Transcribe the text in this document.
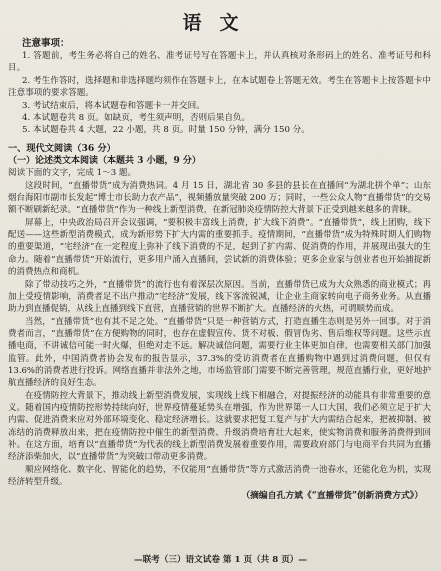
语文
注意事项：
1. 答题前，考生务必将自己的姓名、准考证号写在答题卡上，并认真核对条形码上的姓名、准考证号和科目。
2. 考生作答时，选择题和非选择题均须作在答题卡上，在本试题卷上答题无效。考生在答题卡上按答题卡中注意事项的要求答题。
3. 考试结束后，将本试题卷和答题卡一并交回。
4. 本试题卷共 8 页。如缺页，考生须声明，否则后果自负。
5. 本试题卷共 4 大题，22 小题，共 8 页。时量 150 分钟，满分 150 分。
一、现代文阅读（36 分）
（一）论述类文本阅读（本题共 3 小题，9 分）
阅读下面的文字，完成 1～3 题。

这段时间，“直播带货”成为消费热词。4 月 15 日，湖北省 30 多县的县长在直播间“为湖北拼个单”；山东烟台海阳市副市长发起“博士市长助力农产品”，视频播放量突破 200 万；同时，一些公众人物“直播带货”的交易额不断刷新纪录。“直播带货”作为一种线上新型消费，在新冠肺炎疫情防控大背景下正受到越来越多的青睐。

屏幕上，中央政治局召开会议强调，“要积极丰富线上消费，扩大线下消费”。“直播带货”，线上团购，线下配送——这些新型消费模式，成为新形势下扩大内需的重要抓手。疫情期间，“直播带货”成为特殊时期人们购物的重要渠道，“宅经济”在一定程度上弥补了线下消费的不足，起到了扩内需、促消费的作用，并展现出强大的生命力。随着“直播带货”开始流行，更多用户涌入直播间，尝试新的消费体验；更多企业家与创业者也开始捕捉新的消费热点和商机。

除了带动技巧之外，“直播带货”的流行也有着深层次原因。当前，直播带货已成为大众熟悉的商业模式；再加上受疫情影响，消费者足不出户推动“宅经济”发展，线下客流锐减，让企业主商家转向电子商务业务。从直播助力到直播促销，从线上直播到线下直营，直播营销的世界不断扩大。直播经济的火热，可谓顺势而成。

当然，“直播带货”也有其不足之处。“直播带货”只是一种营销方式，打造直播生态则是另外一回事。对于消费者而言，“直播带货”在方便购物的同时，也存在虚假宣传、货不对板、假冒伪劣、售后维权等问题。这些示直播电商，不讲诚信可能一时火爆，但绝对走不远。解决诚信问题，需要行业主体更加自律，也需要相关部门加强监管。此外，中国消费者协会发布的报告显示，37.3%的受访消费者在直播购物中遇到过消费问题，但仅有 13.6%的消费者进行投诉。网络直播并非法外之地，市场监管部门需要不断完善管理，规范直播行业，更好地护航直播经济的良好生态。

在疫情防控大背景下，推动线上新型消费发展，实现线上线下相融合，对提振经济的动能具有非常重要的意义。随着国内疫情防控形势持续向好，世界疫情蔓延势头在增强，作为世界第一人口大国，我们必须立足于扩大内需、促进消费来应对外部环境变化、稳定经济增长。这就要求把复工复产与扩大内需结合起来，把被抑制、被冻结的消费释放出来，把在疫情防控中催生的新型消费、升级消费培育壮大起来，使实物消费和服务消费得到回补。在这方面，培育以“直播带货”为代表的线上新型消费发展着重要作用，需要政府部门与电商平台共同为直播经济添柴加火，以“直播带货”为突破口带动更多消费。

顺应网络化、数字化、智能化的趋势，不仅能用“直播带货”等方式激活消费一池春水，还能化危为机，实现经济转型升级。

（摘编自孔方斌《“直播带货”创新消费方式》）
—联考（三）语文试卷 第 1 页（共 8 页）—
